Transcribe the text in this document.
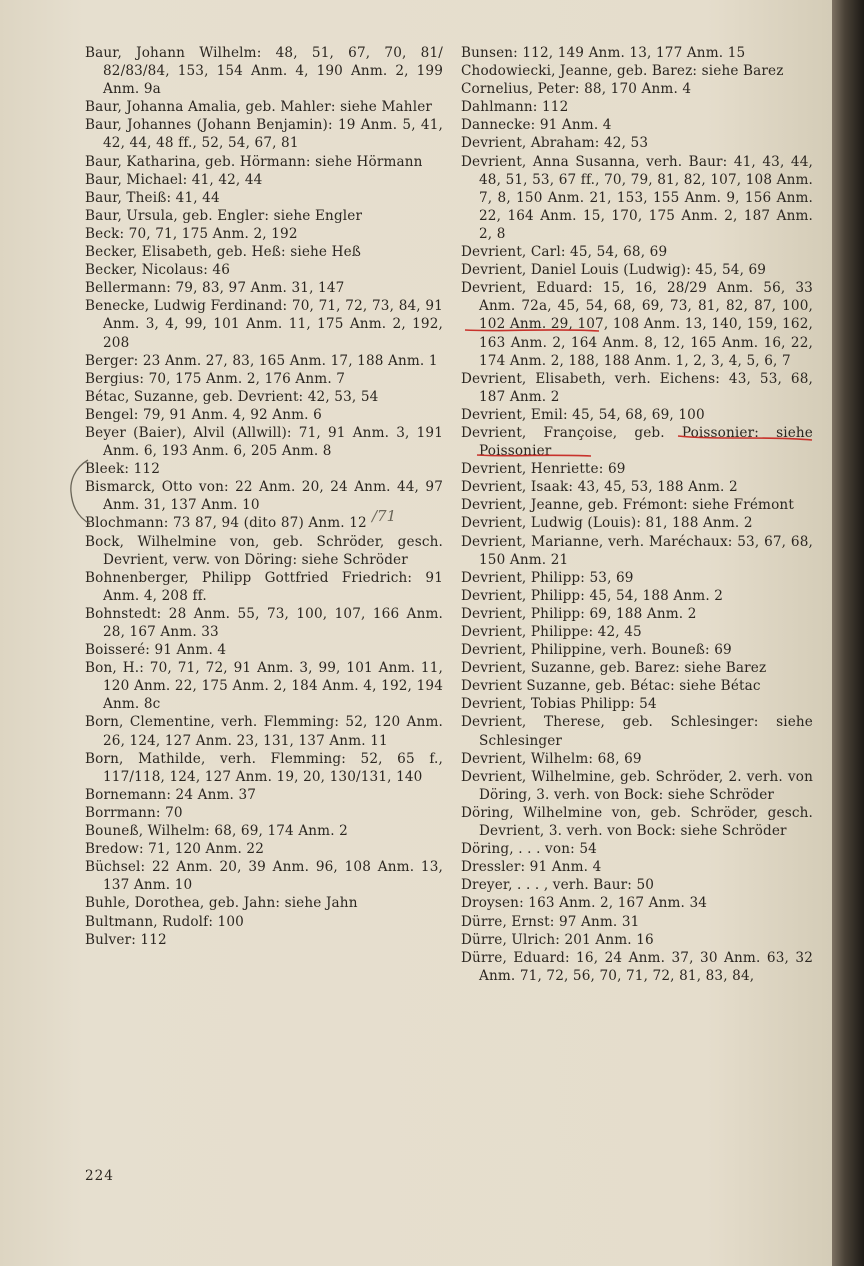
Baur, Johann Wilhelm: 48, 51, 67, 70, 81/ 82/83/84, 153, 154 Anm. 4, 190 Anm. 2, 199 Anm. 9a

Baur, Johanna Amalia, geb. Mahler: siehe Mahler

Baur, Johannes (Johann Benjamin): 19 Anm. 5, 41, 42, 44, 48 ff., 52, 54, 67, 81

Baur, Katharina, geb. Hörmann: siehe Hörmann

Baur, Michael: 41, 42, 44

Baur, Theiß: 41, 44

Baur, Ursula, geb. Engler: siehe Engler

Beck: 70, 71, 175 Anm. 2, 192

Becker, Elisabeth, geb. Heß: siehe Heß

Becker, Nicolaus: 46

Bellermann: 79, 83, 97 Anm. 31, 147

Benecke, Ludwig Ferdinand: 70, 71, 72, 73, 84, 91 Anm. 3, 4, 99, 101 Anm. 11, 175 Anm. 2, 192, 208

Berger: 23 Anm. 27, 83, 165 Anm. 17, 188 Anm. 1

Bergius: 70, 175 Anm. 2, 176 Anm. 7

Bétac, Suzanne, geb. Devrient: 42, 53, 54

Bengel: 79, 91 Anm. 4, 92 Anm. 6

Beyer (Baier), Alvil (Allwill): 71, 91 Anm. 3, 191 Anm. 6, 193 Anm. 6, 205 Anm. 8

Bleek: 112

Bismarck, Otto von: 22 Anm. 20, 24 Anm. 44, 97 Anm. 31, 137 Anm. 10

Blochmann: 73 87, 94 (dito 87) Anm. 12

Bock, Wilhelmine von, geb. Schröder, gesch. Devrient, verw. von Döring: siehe Schröder

Bohnenberger, Philipp Gottfried Friedrich: 91 Anm. 4, 208 ff.

Bohnstedt: 28 Anm. 55, 73, 100, 107, 166 Anm. 28, 167 Anm. 33

Boisseré: 91 Anm. 4

Bon, H.: 70, 71, 72, 91 Anm. 3, 99, 101 Anm. 11, 120 Anm. 22, 175 Anm. 2, 184 Anm. 4, 192, 194 Anm. 8c

Born, Clementine, verh. Flemming: 52, 120 Anm. 26, 124, 127 Anm. 23, 131, 137 Anm. 11

Born, Mathilde, verh. Flemming: 52, 65 f., 117/118, 124, 127 Anm. 19, 20, 130/131, 140

Bornemann: 24 Anm. 37

Borrmann: 70

Bouneß, Wilhelm: 68, 69, 174 Anm. 2

Bredow: 71, 120 Anm. 22

Büchsel: 22 Anm. 20, 39 Anm. 96, 108 Anm. 13, 137 Anm. 10

Buhle, Dorothea, geb. Jahn: siehe Jahn

Bultmann, Rudolf: 100

Bulver: 112

Bunsen: 112, 149 Anm. 13, 177 Anm. 15

Chodowiecki, Jeanne, geb. Barez: siehe Barez

Cornelius, Peter: 88, 170 Anm. 4

Dahlmann: 112

Dannecke: 91 Anm. 4

Devrient, Abraham: 42, 53

Devrient, Anna Susanna, verh. Baur: 41, 43, 44, 48, 51, 53, 67 ff., 70, 79, 81, 82, 107, 108 Anm. 7, 8, 150 Anm. 21, 153, 155 Anm. 9, 156 Anm. 22, 164 Anm. 15, 170, 175 Anm. 2, 187 Anm. 2, 8

Devrient, Carl: 45, 54, 68, 69

Devrient, Daniel Louis (Ludwig): 45, 54, 69

Devrient, Eduard: 15, 16, 28/29 Anm. 56, 33 Anm. 72a, 45, 54, 68, 69, 73, 81, 82, 87, 100, 102 Anm. 29, 107, 108 Anm. 13, 140, 159, 162, 163 Anm. 2, 164 Anm. 8, 12, 165 Anm. 16, 22, 174 Anm. 2, 188, 188 Anm. 1, 2, 3, 4, 5, 6, 7

Devrient, Elisabeth, verh. Eichens: 43, 53, 68, 187 Anm. 2

Devrient, Emil: 45, 54, 68, 69, 100

Devrient, Françoise, geb. Poissonier: siehe Poissonier

Devrient, Henriette: 69

Devrient, Isaak: 43, 45, 53, 188 Anm. 2

Devrient, Jeanne, geb. Frémont: siehe Frémont

Devrient, Ludwig (Louis): 81, 188 Anm. 2

Devrient, Marianne, verh. Maréchaux: 53, 67, 68, 150 Anm. 21

Devrient, Philipp: 53, 69

Devrient, Philipp: 45, 54, 188 Anm. 2

Devrient, Philipp: 69, 188 Anm. 2

Devrient, Philippe: 42, 45

Devrient, Philippine, verh. Bouneß: 69

Devrient, Suzanne, geb. Barez: siehe Barez

Devrient Suzanne, geb. Bétac: siehe Bétac

Devrient, Tobias Philipp: 54

Devrient, Therese, geb. Schlesinger: siehe Schlesinger

Devrient, Wilhelm: 68, 69

Devrient, Wilhelmine, geb. Schröder, 2. verh. von Döring, 3. verh. von Bock: siehe Schröder

Döring, Wilhelmine von, geb. Schröder, gesch. Devrient, 3. verh. von Bock: siehe Schröder

Döring, . . . von: 54

Dressler: 91 Anm. 4

Dreyer, . . . , verh. Baur: 50

Droysen: 163 Anm. 2, 167 Anm. 34

Dürre, Ernst: 97 Anm. 31

Dürre, Ulrich: 201 Anm. 16

Dürre, Eduard: 16, 24 Anm. 37, 30 Anm. 63, 32 Anm. 71, 72, 56, 70, 71, 72, 81, 83, 84,

/71
224
